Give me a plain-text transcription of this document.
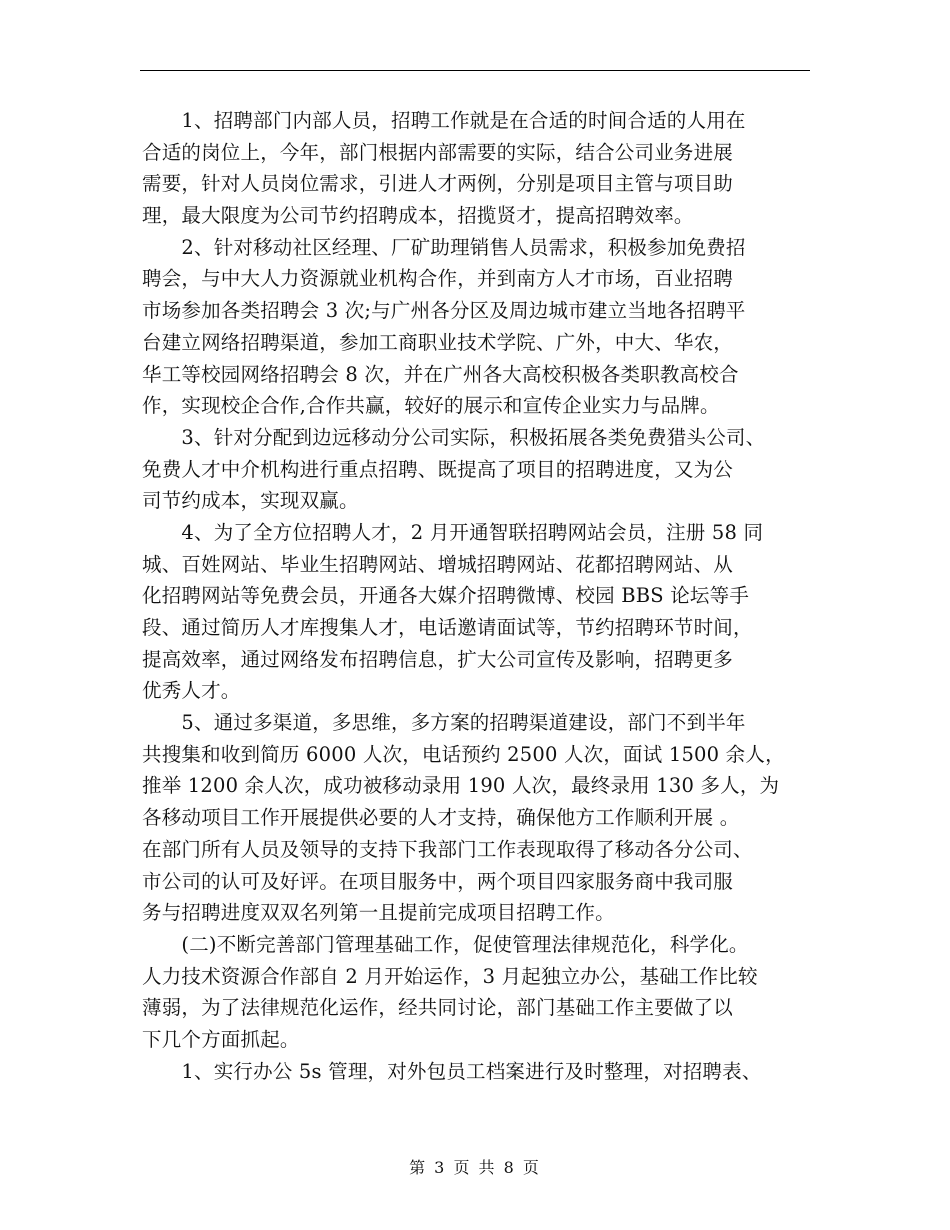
　　1、招聘部门内部人员，招聘工作就是在合适的时间合适的人用在
合适的岗位上，今年，部门根据内部需要的实际，结合公司业务进展
需要，针对人员岗位需求，引进人才两例，分别是项目主管与项目助
理，最大限度为公司节约招聘成本，招揽贤才，提高招聘效率。
　　2、针对移动社区经理、厂矿助理销售人员需求，积极参加免费招
聘会，与中大人力资源就业机构合作，并到南方人才市场，百业招聘
市场参加各类招聘会 3 次;与广州各分区及周边城市建立当地各招聘平
台建立网络招聘渠道，参加工商职业技术学院、广外，中大、华农，
华工等校园网络招聘会 8 次，并在广州各大高校积极各类职教高校合
作，实现校企合作,合作共赢，较好的展示和宣传企业实力与品牌。
　　3、针对分配到边远移动分公司实际，积极拓展各类免费猎头公司、
免费人才中介机构进行重点招聘、既提高了项目的招聘进度，又为公
司节约成本，实现双赢。
　　4、为了全方位招聘人才，2 月开通智联招聘网站会员，注册 58 同
城、百姓网站、毕业生招聘网站、增城招聘网站、花都招聘网站、从
化招聘网站等免费会员，开通各大媒介招聘微博、校园 BBS 论坛等手
段、通过简历人才库搜集人才，电话邀请面试等，节约招聘环节时间，
提高效率，通过网络发布招聘信息，扩大公司宣传及影响，招聘更多
优秀人才。
　　5、通过多渠道，多思维，多方案的招聘渠道建设，部门不到半年
共搜集和收到简历 6000 人次，电话预约 2500 人次，面试 1500 余人，
推举 1200 余人次，成功被移动录用 190 人次，最终录用 130 多人，为
各移动项目工作开展提供必要的人才支持，确保他方工作顺利开展 。
在部门所有人员及领导的支持下我部门工作表现取得了移动各分公司、
市公司的认可及好评。在项目服务中，两个项目四家服务商中我司服
务与招聘进度双双名列第一且提前完成项目招聘工作。
　　(二)不断完善部门管理基础工作，促使管理法律规范化，科学化。
人力技术资源合作部自 2 月开始运作，3 月起独立办公，基础工作比较
薄弱，为了法律规范化运作，经共同讨论，部门基础工作主要做了以
下几个方面抓起。
　　1、实行办公 5s 管理，对外包员工档案进行及时整理，对招聘表、
第 3 页 共 8 页
